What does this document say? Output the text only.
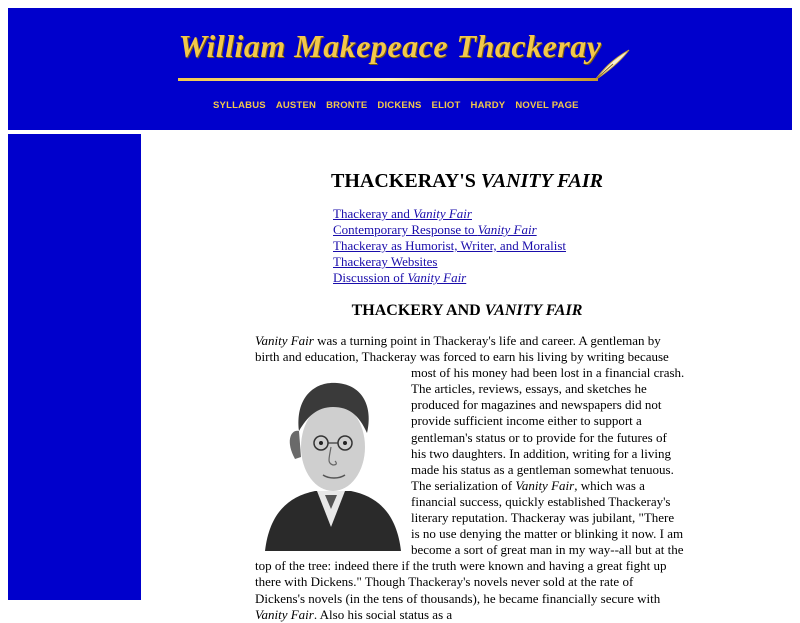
William Makepeace Thackeray
SYLLABUS	AUSTEN	BRONTE	DICKENS	ELIOT	HARDY	NOVEL PAGE
THACKERAY'S VANITY FAIR
Thackeray and Vanity Fair
Contemporary Response to Vanity Fair
Thackeray as Humorist, Writer, and Moralist
Thackeray Websites
Discussion of Vanity Fair
THACKERY AND VANITY FAIR

Vanity Fair was a turning point in Thackeray's life and career. A gentleman by birth and education, Thackeray was forced to earn his living by writing because most of his money had been lost in a financial crash.
The articles, reviews, essays, and sketches he produced for magazines and newspapers did not provide sufficient income either to support a gentleman's status or to provide for the futures of his two daughters. In addition, writing for a living made his status as a gentleman somewhat tenuous. The serialization of Vanity Fair, which was a financial success, quickly established Thackeray's literary reputation. Thackeray was jubilant, "There is no use denying the matter or blinking it now. I am become a sort of great man in my way--all but at the top of the tree: indeed there if the truth were known and having a great fight up there with Dickens." Though Thackeray's novels never sold at the rate of Dickens's novels (in the tens of thousands), he became financially secure with Vanity Fair. Also his social status as a
